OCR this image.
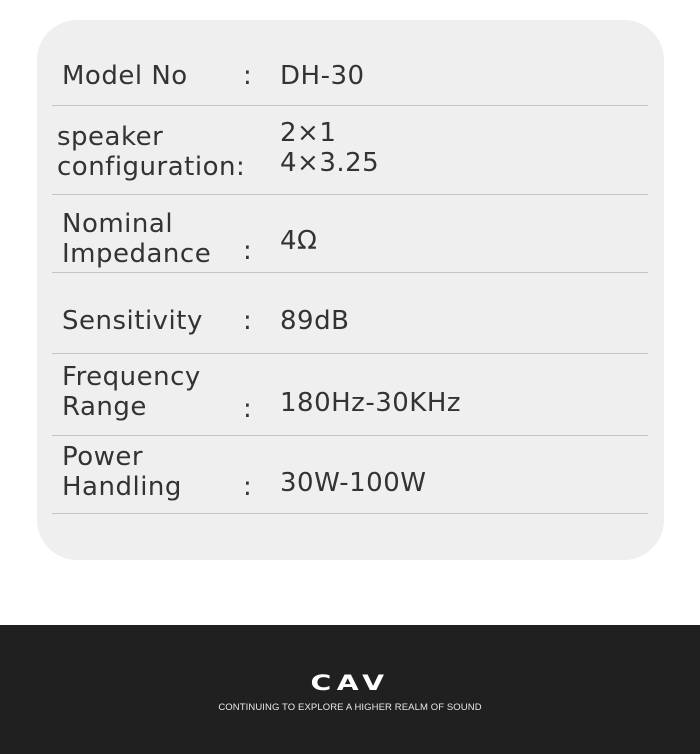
Model No : DH-30
speaker
configuration:
2×1
4×3.25
Nominal
Impedance : 4Ω
Sensitivity : 89dB
Frequency
Range	: 180Hz-30KHz
Power
Handling : 30W-100W
CAV
CONTINUING TO EXPLORE A HIGHER REALM OF SOUND
